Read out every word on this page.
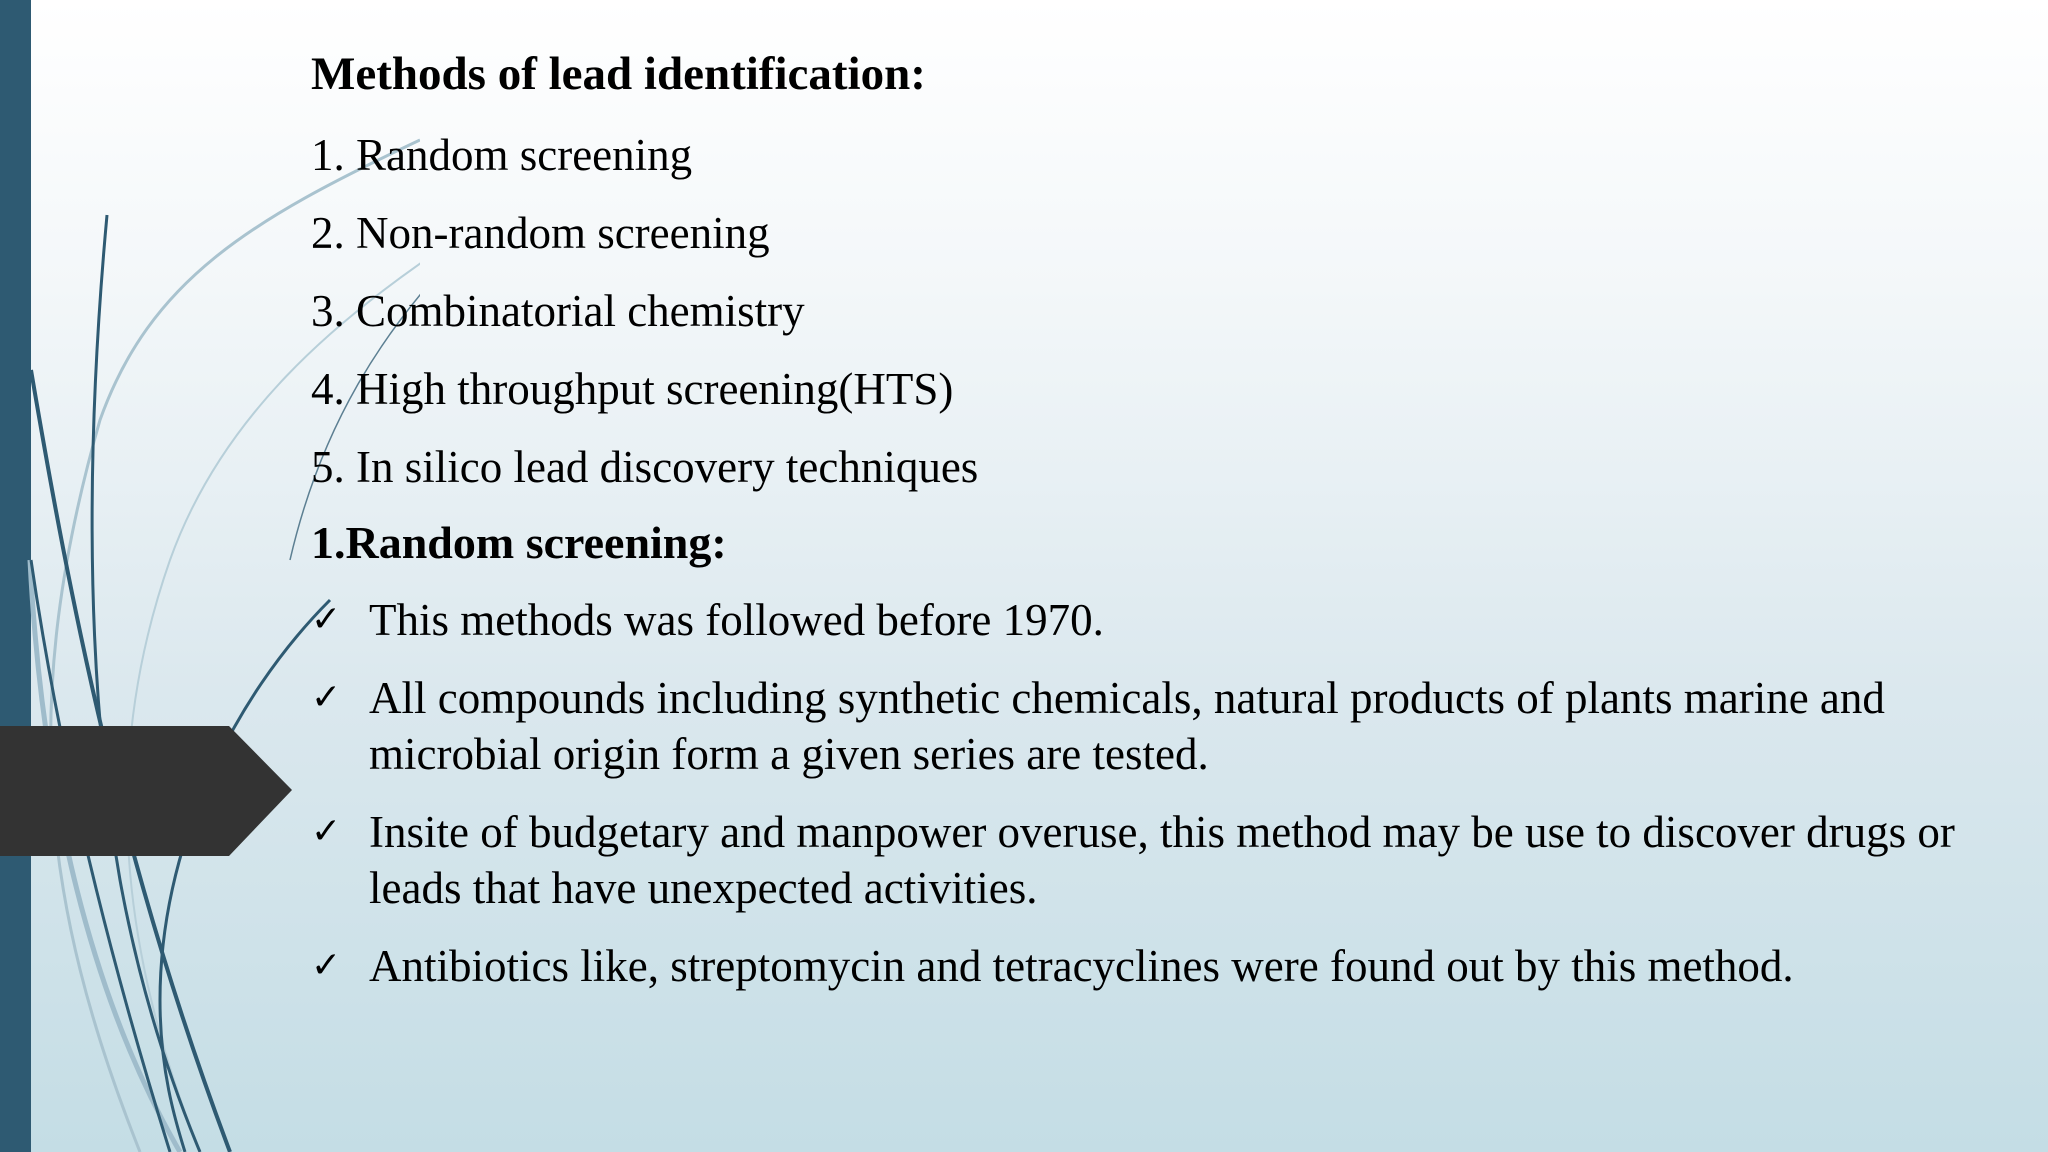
Methods of lead identification:
1. Random screening
2. Non-random screening
3. Combinatorial chemistry
4. High throughput screening(HTS)
5. In silico lead discovery techniques
1.Random screening:
✓ This methods was followed before 1970.
✓ All compounds including synthetic chemicals, natural products of plants marine and microbial origin form a given series are tested.
✓ Insite of budgetary and manpower overuse, this method may be use to discover drugs or leads that have unexpected activities.
✓ Antibiotics like, streptomycin and tetracyclines were found out by this method.
